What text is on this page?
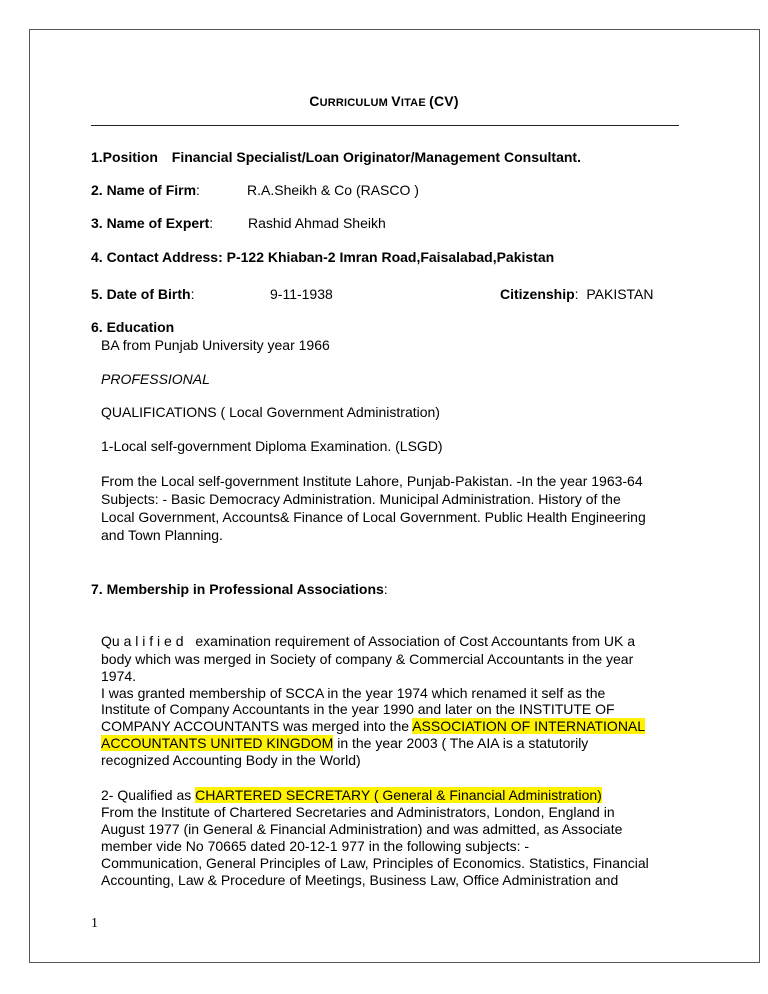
CURRICULUM VITAE (CV)
1.Position Financial Specialist/Loan Originator/Management Consultant.
2. Name of Firm:	R.A.Sheikh & Co (RASCO )
3. Name of Expert: Rashid Ahmad Sheikh
4. Contact Address: P-122 Khiaban-2 Imran Road,Faisalabad,Pakistan
5. Date of Birth:	9-11-1938	Citizenship: PAKISTAN
6. Education
BA from Punjab University year 1966
PROFESSIONAL
QUALIFICATIONS ( Local Government Administration)
1-Local self-government Diploma Examination. (LSGD)
From the Local self-government Institute Lahore, Punjab-Pakistan. -In the year 1963-64
Subjects: - Basic Democracy Administration. Municipal Administration. History of the
Local Government, Accounts& Finance of Local Government. Public Health Engineering
and Town Planning.
7. Membership in Professional Associations:
Qu a l i f i e d examination requirement of Association of Cost Accountants from UK a
body which was merged in Society of company & Commercial Accountants in the year
1974.
I was granted membership of SCCA in the year 1974 which renamed it self as the
Institute of Company Accountants in the year 1990 and later on the INSTITUTE OF
COMPANY ACCOUNTANTS was merged into the ASSOCIATION OF INTERNATIONAL
ACCOUNTANTS UNITED KINGDOM in the year 2003 ( The AIA is a statutorily
recognized Accounting Body in the World)
2- Qualified as CHARTERED SECRETARY ( General & Financial Administration)
From the Institute of Chartered Secretaries and Administrators, London, England in
August 1977 (in General & Financial Administration) and was admitted, as Associate
member vide No 70665 dated 20-12-1 977 in the following subjects: -
Communication, General Principles of Law, Principles of Economics. Statistics, Financial
Accounting, Law & Procedure of Meetings, Business Law, Office Administration and
1
